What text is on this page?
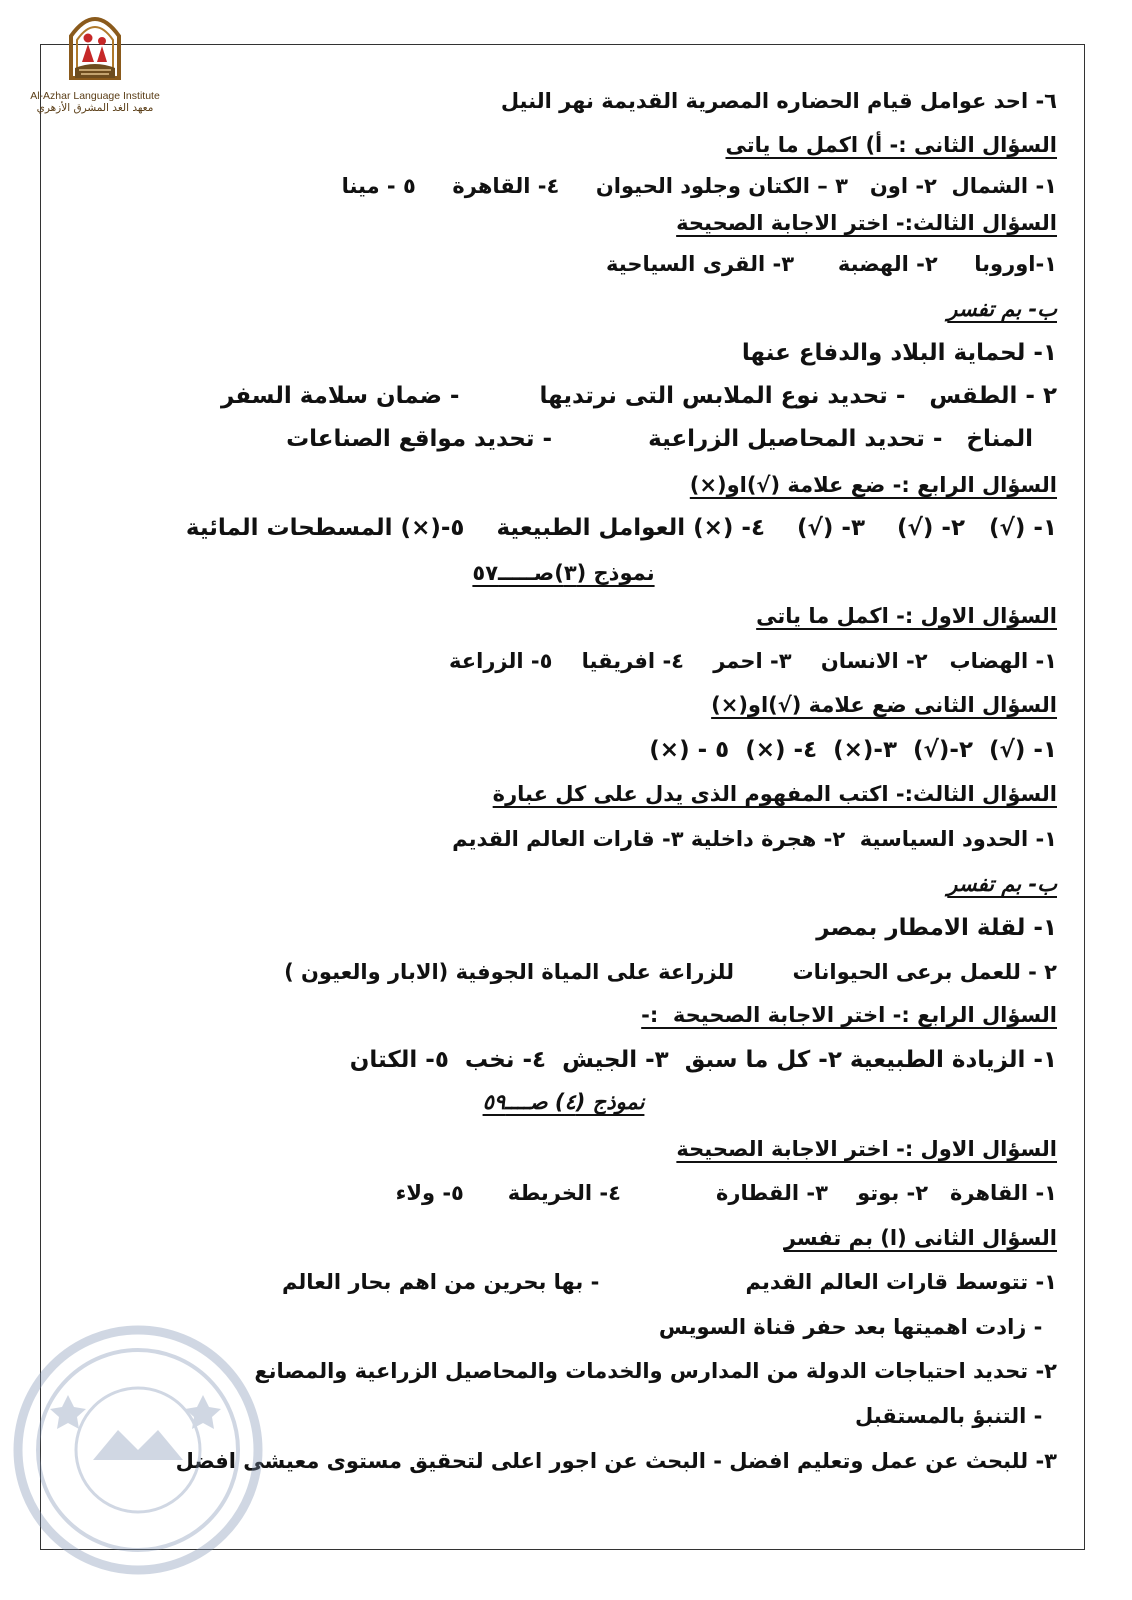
Al-Azhar Language Institute
معهد الغد المشرق الأزهري	٦- احد عوامل قيام الحضاره المصرية القديمة نهر النيل
السؤال الثانى :- أ) اكمل ما ياتى
١- الشمال  ٢- اون   ٣ – الكتان وجلود الحيوان     ٤- القاهرة     ٥ - مينا
السؤال الثالث:- اختر الاجابة الصحيحة
١-اوروبا     ٢- الهضبة      ٣- القرى السياحية
ب- بم تفسر
١- لحماية البلاد والدفاع عنها
٢ - الطقس   - تحديد نوع الملابس التى نرتديها          - ضمان سلامة السفر
المناخ   - تحديد المحاصيل الزراعية            - تحديد مواقع الصناعات
السؤال الرابع :- ضع علامة (√)او(×)
١- (√)   ٢- (√)    ٣- (√)    ٤- (×) العوامل الطبيعية    ٥-(×) المسطحات المائية
نموذج (٣)صـــــ٥٧
السؤال الاول :- اكمل ما ياتى
١- الهضاب   ٢- الانسان    ٣- احمر    ٤- افريقيا    ٥- الزراعة
السؤال الثانى ضع علامة (√)او(×)
١- (√)  ٢-(√)  ٣-(×)  ٤- (×)  ٥ - (×)
السؤال الثالث:- اكتب المفهوم الذى يدل على كل عبارة
١- الحدود السياسية  ٢- هجرة داخلية ٣- قارات العالم القديم
ب- بم تفسر
١- لقلة الامطار بمصر
٢ - للعمل برعى الحيوانات        للزراعة على المياة الجوفية (الابار والعيون )
السؤال الرابع :- اختر الاجابة الصحيحة  :-
١- الزيادة الطبيعية ٢- كل ما سبق  ٣- الجيش  ٤- نخب  ٥- الكتان
نموذج (٤) صــــ٥٩
السؤال الاول :- اختر الاجابة الصحيحة
١- القاهرة   ٢- بوتو    ٣- القطارة             ٤- الخريطة      ٥- ولاء
السؤال الثانى (ا) بم تفسر
١- تتوسط قارات العالم القديم                    - بها بحرين من اهم بحار العالم
- زادت اهميتها بعد حفر قناة السويس
٢- تحديد احتياجات الدولة من المدارس والخدمات والمحاصيل الزراعية والمصانع
- التنبؤ بالمستقبل
٣- للبحث عن عمل وتعليم افضل - البحث عن اجور اعلى لتحقيق مستوى معيشى افضل
